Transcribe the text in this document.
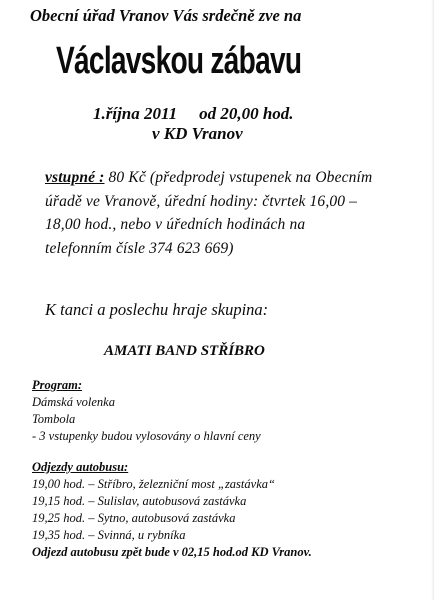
Obecní úřad Vranov Vás srdečně zve na
Václavskou zábavu
1.října 2011 od 20,00 hod.
v KD Vranov
vstupné : 80 Kč (předprodej vstupenek na Obecním úřadě ve Vranově, úřední hodiny: čtvrtek 16,00 – 18,00 hod., nebo v úředních hodinách na telefonním čísle 374 623 669)
K tanci a poslechu hraje skupina:
AMATI BAND STŘÍBRO
Program:
Dámská volenka
Tombola
- 3 vstupenky budou vylosovány o hlavní ceny
Odjezdy autobusu:
19,00 hod. – Stříbro, železniční most „zastávka“
19,15 hod. – Sulislav, autobusová zastávka
19,25 hod. – Sytno, autobusová zastávka
19,35 hod. – Svinná, u rybníka
Odjezd autobusu zpět bude v 02,15 hod.od KD Vranov.
